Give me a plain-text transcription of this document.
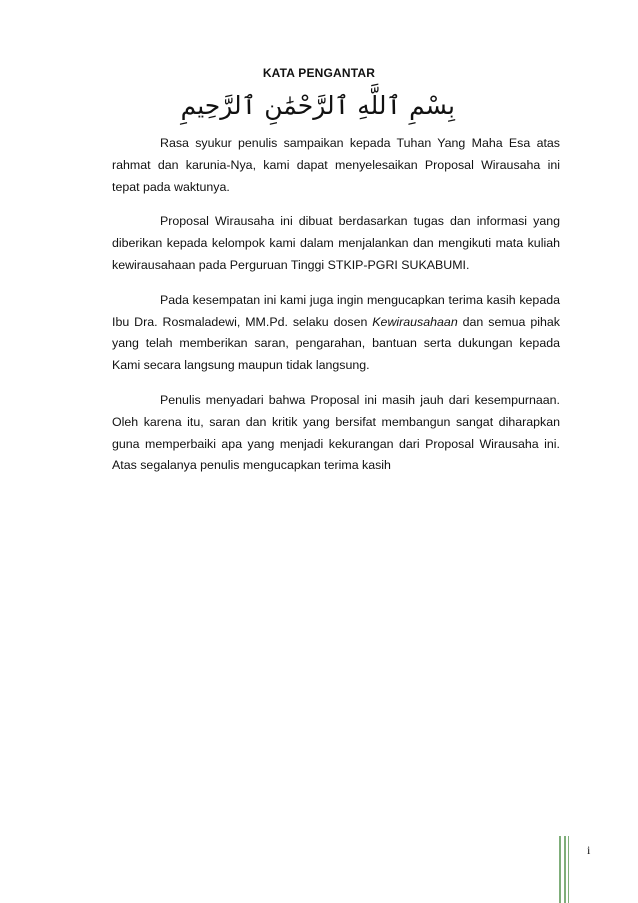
KATA PENGANTAR
بِسْمِ ٱللَّهِ ٱلرَّحْمَٰنِ ٱلرَّحِيمِ

Rasa syukur penulis sampaikan kepada Tuhan Yang Maha Esa atas rahmat dan karunia-Nya, kami dapat menyelesaikan Proposal Wirausaha ini tepat pada waktunya.

Proposal Wirausaha ini dibuat berdasarkan tugas dan informasi yang diberikan kepada kelompok kami dalam menjalankan dan mengikuti mata kuliah kewirausahaan pada Perguruan Tinggi STKIP-PGRI SUKABUMI.

Pada kesempatan ini kami juga ingin mengucapkan terima kasih kepada Ibu Dra. Rosmaladewi, MM.Pd. selaku dosen Kewirausahaan dan semua pihak yang telah memberikan saran, pengarahan, bantuan serta dukungan kepada Kami secara langsung maupun tidak langsung.

Penulis menyadari bahwa Proposal ini masih jauh dari kesempurnaan. Oleh karena itu, saran dan kritik yang bersifat membangun sangat diharapkan guna memperbaiki apa yang menjadi kekurangan dari Proposal Wirausaha ini. Atas segalanya penulis mengucapkan terima kasih

i
